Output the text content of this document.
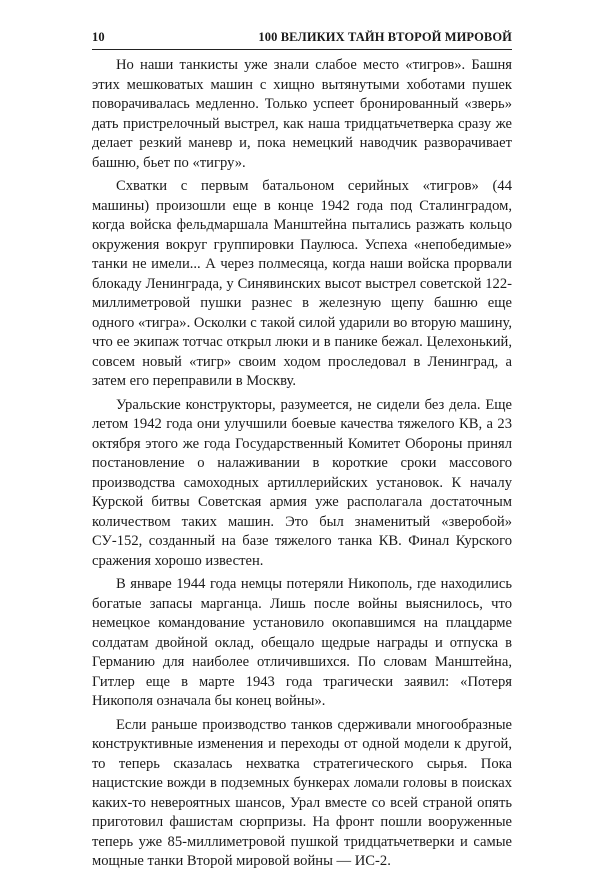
10	100 ВЕЛИКИХ ТАЙН ВТОРОЙ МИРОВОЙ

Но наши танкисты уже знали слабое место «тигров». Башня этих мешковатых машин с хищно вытянутыми хоботами пушек поворачивалась медленно. Только успеет бронированный «зверь» дать пристрелочный выстрел, как наша тридцатьчетверка сразу же делает резкий маневр и, пока немецкий наводчик разворачивает башню, бьет по «тигру».

Схватки с первым батальоном серийных «тигров» (44 машины) произошли еще в конце 1942 года под Сталинградом, когда войска фельдмаршала Манштейна пытались разжать кольцо окружения вокруг группировки Паулюса. Успеха «непобедимые» танки не имели... А через полмесяца, когда наши войска прорвали блокаду Ленинграда, у Синявинских высот выстрел советской 122-миллиметровой пушки разнес в железную щепу башню еще одного «тигра». Осколки с такой силой ударили во вторую машину, что ее экипаж тотчас открыл люки и в панике бежал. Целехонький, совсем новый «тигр» своим ходом проследовал в Ленинград, а затем его переправили в Москву.

Уральские конструкторы, разумеется, не сидели без дела. Еще летом 1942 года они улучшили боевые качества тяжелого КВ, а 23 октября этого же года Государственный Комитет Обороны принял постановление о налаживании в короткие сроки массового производства самоходных артиллерийских установок. К началу Курской битвы Советская армия уже располагала достаточным количеством таких машин. Это был знаменитый «зверобой» СУ-152, созданный на базе тяжелого танка КВ. Финал Курского сражения хорошо известен.

В январе 1944 года немцы потеряли Никополь, где находились богатые запасы марганца. Лишь после войны выяснилось, что немецкое командование установило окопавшимся на плацдарме солдатам двойной оклад, обещало щедрые награды и отпуска в Германию для наиболее отличившихся. По словам Манштейна, Гитлер еще в марте 1943 года трагически заявил: «Потеря Никополя означала бы конец войны».

Если раньше производство танков сдерживали многообразные конструктивные изменения и переходы от одной модели к другой, то теперь сказалась нехватка стратегического сырья. Пока нацистские вожди в подземных бункерах ломали головы в поисках каких-то невероятных шансов, Урал вместе со всей страной опять приготовил фашистам сюрпризы. На фронт пошли вооруженные теперь уже 85-миллиметровой пушкой тридцатьчетверки и самые мощные танки Второй мировой войны — ИС-2.
